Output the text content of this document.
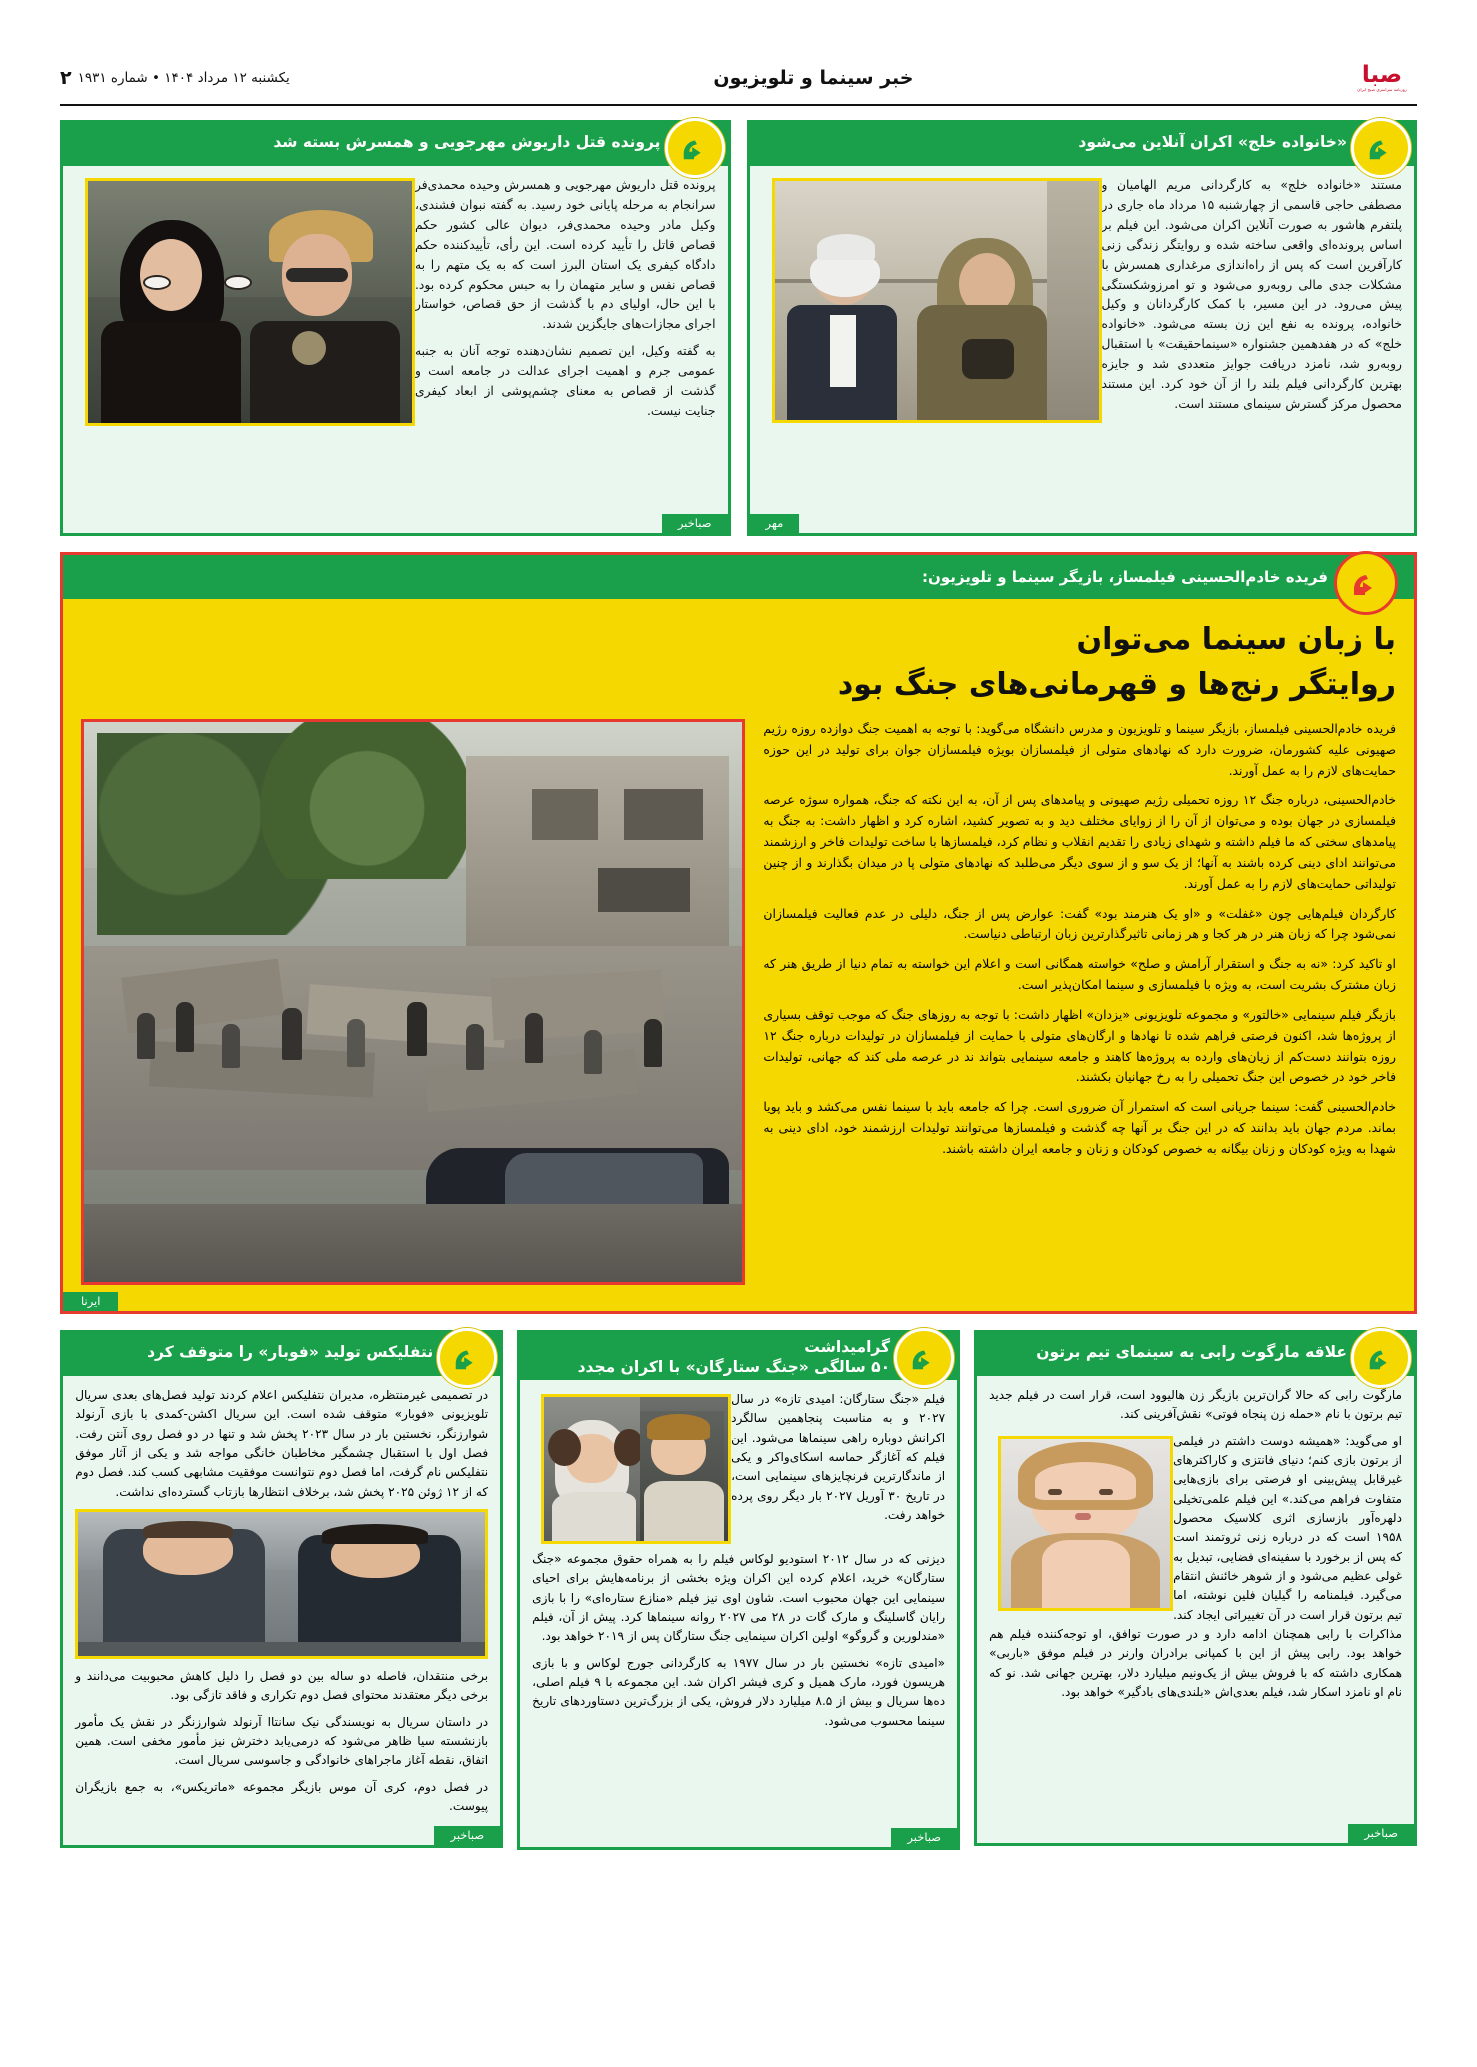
صبا
روزنامه سراسری صبح ایران
خبر سینما و تلویزیون
یکشنبه ۱۲ مرداد ۱۴۰۴ • شماره ۱۹۳۱
۲
«خانواده خلج» اکران آنلاین می‌شود

مستند «خانواده خلج» به کارگردانی مریم الهامیان و مصطفی حاجی قاسمی از چهارشنبه ۱۵ مرداد ماه جاری در پلتفرم هاشور به صورت آنلاین اکران می‌شود. این فیلم بر اساس پرونده‌ای واقعی ساخته شده و روایتگر زندگی زنی کارآفرین است که پس از راه‌اندازی مرغداری همسرش با مشکلات جدی مالی روبه‌رو می‌شود و تو امرزوشکستگی پیش می‌رود. در این مسیر، با کمک کارگردانان و وکیل خانواده، پرونده به نفع این زن بسته می‌شود. «خانواده خلج» که در هفدهمین جشنواره «سینماحقیقت» با استقبال روبه‌رو شد، نامزد دریافت جوایز متعددی شد و جایزه بهترین کارگردانی فیلم بلند را از آن خود کرد. این مستند محصول مرکز گسترش سینمای مستند است.

مهر
پرونده قتل داریوش مهرجویی و همسرش بسته شد

پرونده قتل داریوش مهرجویی و همسرش وحیده محمدی‌فر سرانجام به مرحله پایانی خود رسید. به گفته نبوان فشندی، وکیل مادر وحیده محمدی‌فر، دیوان عالی کشور حکم قصاص قاتل را تأیید کرده است. این رأی، تأییدکننده حکم دادگاه کیفری یک استان البرز است که به یک متهم را به قصاص نفس و سایر متهمان را به حبس محکوم کرده بود. با این حال، اولیای دم با گذشت از حق قصاص، خواستار اجرای مجازات‌های جایگزین شدند.

به گفته وکیل، این تصمیم نشان‌دهنده توجه آنان به جنبه عمومی جرم و اهمیت اجرای عدالت در جامعه است و گذشت از قصاص به معنای چشم‌پوشی از ابعاد کیفری جنایت نیست.

صباخبر
فریده خادم‌الحسینی فیلمساز، بازیگر سینما و تلویزیون:
با زبان سینما می‌توان
روایتگر رنج‌ها و قهرمانی‌های جنگ بود

فریده خادم‌الحسینی فیلمساز، بازیگر سینما و تلویزیون و مدرس دانشگاه می‌گوید: با توجه به اهمیت جنگ دوازده روزه رژیم صهیونی علیه کشورمان، ضرورت دارد که نهادهای متولی از فیلمسازان بویژه فیلمسازان جوان برای تولید در این حوزه حمایت‌های لازم را به عمل آورند.

خادم‌الحسینی، درباره جنگ ۱۲ روزه تحمیلی رژیم صهیونی و پیامدهای پس از آن، به این نکته که جنگ، همواره سوژه عرصه فیلمسازی در جهان بوده و می‌توان از آن را از زوایای مختلف دید و به تصویر کشید، اشاره کرد و اظهار داشت: به جنگ به پیامدهای سختی که ما فیلم داشته و شهدای زیادی را تقدیم انقلاب و نظام کرد، فیلمسازها با ساخت تولیدات فاخر و ارزشمند می‌توانند ادای دینی کرده باشند به آنها؛ از یک سو و از سوی دیگر می‌طلبد که نهادهای متولی پا در میدان بگذارند و از چنین تولیداتی حمایت‌های لازم را به عمل آورند.

کارگردان فیلم‌هایی چون «غفلت» و «او یک هنرمند بود» گفت: عوارض پس از جنگ، دلیلی در عدم فعالیت فیلمسازان نمی‌شود چرا که زبان هنر در هر کجا و هر زمانی تاثیرگذارترین زبان ارتباطی دنیاست.

او تاکید کرد: «نه به جنگ و استقرار آرامش و صلح» خواسته همگانی است و اعلام این خواسته به تمام دنیا از طریق هنر که زبان مشترک بشریت است، به ویژه با فیلمسازی و سینما امکان‌پذیر است.

بازیگر فیلم سینمایی «خالتور» و مجموعه تلویزیونی «یزدان» اظهار داشت: با توجه به روزهای جنگ که موجب توقف بسیاری از پروژه‌ها شد، اکنون فرصتی فراهم شده تا نهادها و ارگان‌های متولی با حمایت از فیلمسازان در تولیدات درباره جنگ ۱۲ روزه بتوانند دست‌کم از زیان‌های وارده به پروژه‌ها کاهند و جامعه سینمایی بتواند ند در عرصه ملی کند که جهانی، تولیدات فاخر خود در خصوص این جنگ تحمیلی را به رخ جهانیان بکشند.

خادم‌الحسینی گفت: سینما جریانی است که استمرار آن ضروری است. چرا که جامعه باید با سینما نفس می‌کشد و باید پویا بماند. مردم جهان باید بدانند که در این جنگ بر آنها چه گذشت و فیلمسازها می‌توانند تولیدات ارزشمند خود، ادای دینی به شهدا به ویژه کودکان و زنان بیگانه به خصوص کودکان و زنان و جامعه ایران داشته باشند.

ایرنا
علاقه مارگوت رابی به سینمای تیم برتون

مارگوت رابی که حالا گران‌ترین بازیگر زن هالیوود است، قرار است در فیلم جدید تیم برتون با نام «حمله زن پنجاه فوتی» نقش‌آفرینی کند.

او می‌گوید: «همیشه دوست داشتم در فیلمی از برتون بازی کنم؛ دنیای فانتزی و کاراکترهای غیرقابل پیش‌بینی او فرصتی برای بازی‌هایی متفاوت فراهم می‌کند.» این فیلم علمی‌تخیلی دلهره‌آور بازسازی اثری کلاسیک محصول ۱۹۵۸ است که در درباره زنی ثروتمند است که پس از برخورد با سفینه‌ای فضایی، تبدیل به غولی عظیم می‌شود و از شوهر خائنش انتقام می‌گیرد. فیلمنامه را گیلیان فلین نوشته، اما تیم برتون قرار است در آن تغییراتی ایجاد کند. مذاکرات با رابی همچنان ادامه دارد و در صورت توافق، او توجه‌کننده فیلم هم خواهد بود. رابی پیش از این با کمپانی برادران وارنر در فیلم موفق «باربی» همکاری داشته که با فروش بیش از یک‌ونیم میلیارد دلار، بهترین جهانی شد. نو که نام او نامزد اسکار شد، فیلم بعدی‌اش «بلندی‌های بادگیر» خواهد بود.

صباخبر
گرامیداشت
۵۰ سالگی «جنگ ستارگان» با اکران مجدد

فیلم «جنگ ستارگان: امیدی تازه» در سال ۲۰۲۷ و به مناسبت پنجاهمین سالگرد اکرانش دوباره راهی سینماها می‌شود. این فیلم که آغازگر حماسه اسکای‌واکر و یکی از ماندگارترین فرنچایزهای سینمایی است، در تاریخ ۳۰ آوریل ۲۰۲۷ بار دیگر روی پرده خواهد رفت.

دیزنی که در سال ۲۰۱۲ استودیو لوکاس فیلم را به همراه حقوق مجموعه «جنگ ستارگان» خرید، اعلام کرده این اکران ویژه بخشی از برنامه‌هایش برای احیای سینمایی این جهان محبوب است. شاون اوی نیز فیلم «منازع ستاره‌ای» را با بازی رایان گاسلینگ و مارک گات در ۲۸ می ۲۰۲۷ روانه سینماها کرد. پیش از آن، فیلم «مندلورین و گروگو» اولین اکران سینمایی جنگ ستارگان پس از ۲۰۱۹ خواهد بود.

«امیدی تازه» نخستین بار در سال ۱۹۷۷ به کارگردانی جورج لوکاس و با بازی هریسون فورد، مارک همیل و کری فیشر اکران شد. این مجموعه با ۹ فیلم اصلی، ده‌ها سریال و بیش از ۸.۵ میلیارد دلار فروش، یکی از بزرگ‌ترین دستاوردهای تاریخ سینما محسوب می‌شود.

صباخبر
نتفلیکس تولید «فوبار» را متوقف کرد

در تصمیمی غیرمنتظره، مدیران نتفلیکس اعلام کردند تولید فصل‌های بعدی سریال تلویزیونی «فوبار» متوقف شده است. این سریال اکشن-کمدی با بازی آرنولد شوارزنگر، نخستین بار در سال ۲۰۲۳ پخش شد و تنها در دو فصل روی آنتن رفت. فصل اول با استقبال چشمگیر مخاطبان خانگی مواجه شد و یکی از آثار موفق نتفلیکس نام گرفت، اما فصل دوم نتوانست موفقیت مشابهی کسب کند. فصل دوم که از ۱۲ ژوئن ۲۰۲۵ پخش شد، برخلاف انتظارها بازتاب گسترده‌ای نداشت.

برخی منتقدان، فاصله دو ساله بین دو فصل را دلیل کاهش محبوبیت می‌دانند و برخی دیگر معتقدند محتوای فصل دوم تکراری و فاقد تازگی بود.

در داستان سریال به نویسندگی نیک سانتاا آرنولد شوارزنگر در نقش یک مأمور بازنشسته سیا ظاهر می‌شود که درمی‌یابد دخترش نیز مأمور مخفی است. همین اتفاق، نقطه آغاز ماجراهای خانوادگی و جاسوسی سریال است.

در فصل دوم، کری آن موس بازیگر مجموعه «ماتریکس»، به جمع بازیگران پیوست.

صباخبر
